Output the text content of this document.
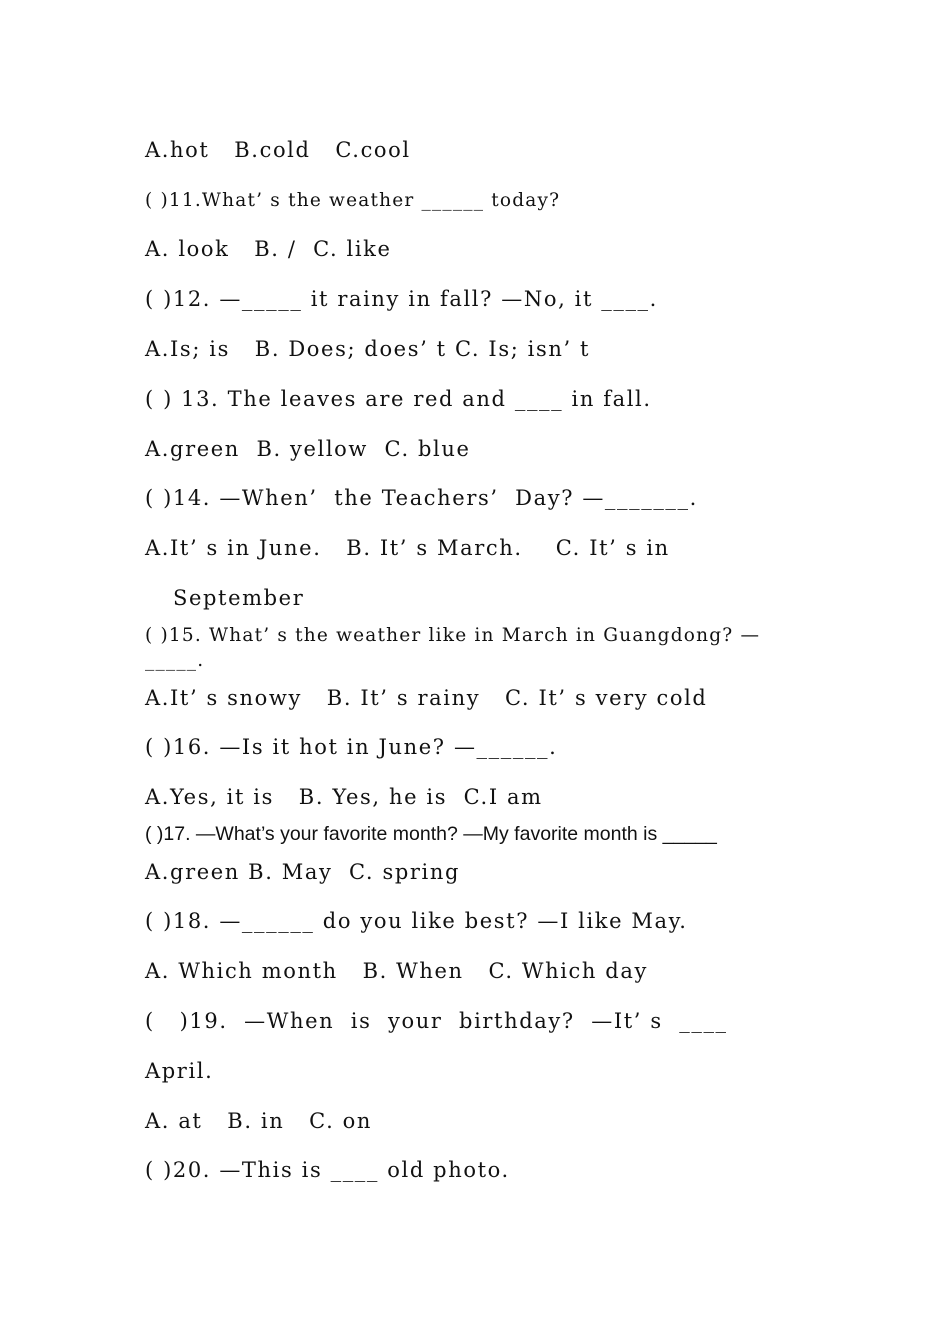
A.hot   B.cold   C.cool
( )11.What’ s the weather ______ today?
A. look   B. /  C. like
( )12. —_____ it rainy in fall? —No, it ____.
A.Is; is   B. Does; does’ t C. Is; isn’ t
( ) 13. The leaves are red and ____ in fall.
A.green  B. yellow  C. blue
( )14. —When’  the Teachers’  Day? —_______.
A.It’ s in June.   B. It’ s March.    C. It’ s in
September
( )15. What’ s the weather like in March in Guangdong? —
_____.
A.It’ s snowy   B. It’ s rainy   C. It’ s very cold
( )16. —Is it hot in June? —______.
A.Yes, it is   B. Yes, he is  C.I am
( )17. —What’s your favorite month? —My favorite month is _____
A.green B. May  C. spring
( )18. —______ do you like best? —I like May.
A. Which month   B. When   C. Which day
(   )19.  —When  is  your  birthday?  —It’ s  ____
April.
A. at   B. in   C. on
( )20. —This is ____ old photo.
